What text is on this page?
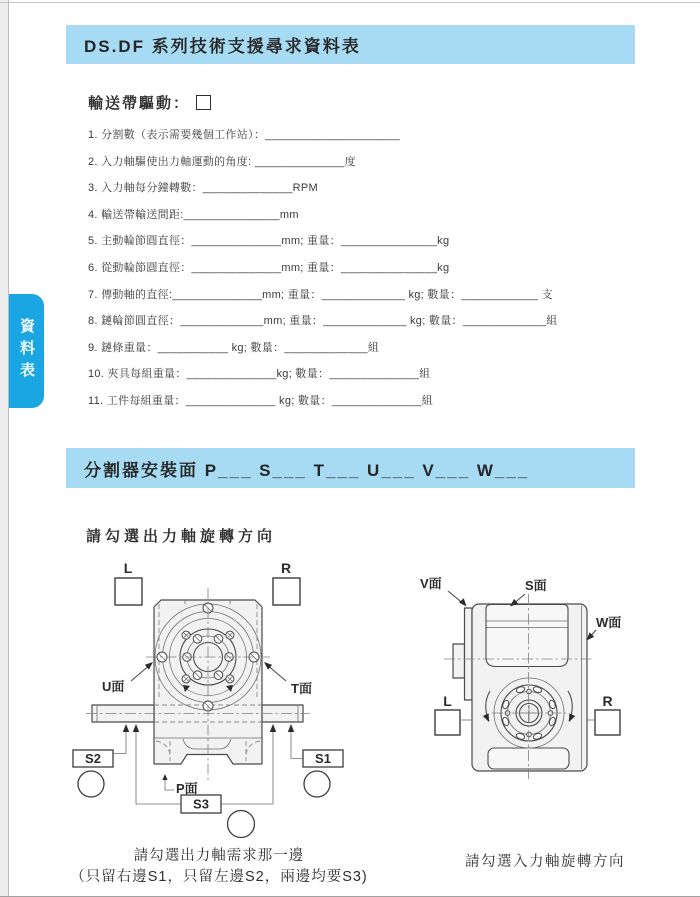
DS.DF 系列技術支援尋求資料表
資料表
輸送帶驅動：
1. 分割數（表示需要幾個工作站）：_____________________
2. 入力軸驅使出力軸運動的角度: ______________度
3. 入力軸每分鐘轉數：______________RPM
4. 輸送帶輸送間距:_______________mm
5. 主動輪節圓直徑：______________mm; 重量：_______________kg
6. 從動輪節圓直徑：______________mm; 重量：_______________kg
7. 傳動軸的直徑:______________mm; 重量：_____________ kg; 數量：____________ 支
8. 鏈輪節圓直徑：_____________mm; 重量：_____________ kg; 數量：_____________組
9. 鏈條重量：___________ kg; 數量：_____________組
10. 夾具每組重量：______________kg; 數量：______________組
11. 工件每組重量：______________ kg; 數量：______________組
分割器安裝面 P___ S___ T___ U___ V___ W___
請勾選出力軸旋轉方向
L	R
U面	T面
S2	S1
S3
P面
V面	S面
W面
L	R
請勾選出力軸需求那一邊
（只留右邊S1，只留左邊S2，兩邊均要S3)
請勾選入力軸旋轉方向
